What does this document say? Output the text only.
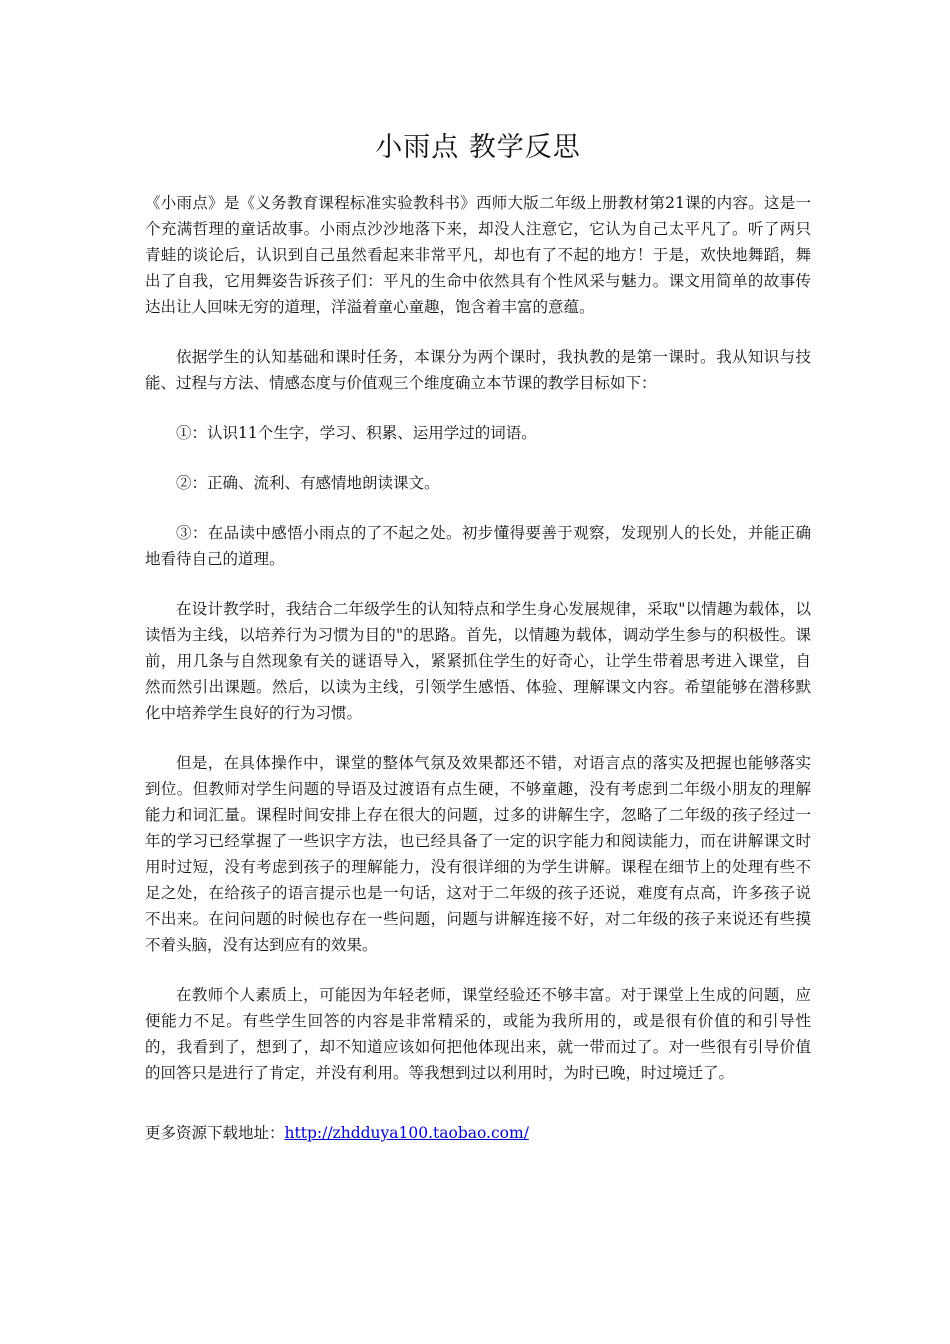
小雨点 教学反思

《小雨点》是《义务教育课程标准实验教科书》西师大版二年级上册教材第21课的内容。这是一个充满哲理的童话故事。小雨点沙沙地落下来，却没人注意它，它认为自己太平凡了。听了两只青蛙的谈论后，认识到自己虽然看起来非常平凡，却也有了不起的地方！于是，欢快地舞蹈，舞出了自我，它用舞姿告诉孩子们：平凡的生命中依然具有个性风采与魅力。课文用简单的故事传达出让人回味无穷的道理，洋溢着童心童趣，饱含着丰富的意蕴。

依据学生的认知基础和课时任务，本课分为两个课时，我执教的是第一课时。我从知识与技能、过程与方法、情感态度与价值观三个维度确立本节课的教学目标如下：

①：认识11个生字，学习、积累、运用学过的词语。

②：正确、流利、有感情地朗读课文。

③：在品读中感悟小雨点的了不起之处。初步懂得要善于观察，发现别人的长处，并能正确地看待自己的道理。

在设计教学时，我结合二年级学生的认知特点和学生身心发展规律，采取"以情趣为载体，以读悟为主线，以培养行为习惯为目的"的思路。首先，以情趣为载体，调动学生参与的积极性。课前，用几条与自然现象有关的谜语导入，紧紧抓住学生的好奇心，让学生带着思考进入课堂，自然而然引出课题。然后，以读为主线，引领学生感悟、体验、理解课文内容。希望能够在潜移默化中培养学生良好的行为习惯。

但是，在具体操作中，课堂的整体气氛及效果都还不错，对语言点的落实及把握也能够落实到位。但教师对学生问题的导语及过渡语有点生硬，不够童趣，没有考虑到二年级小朋友的理解能力和词汇量。课程时间安排上存在很大的问题，过多的讲解生字，忽略了二年级的孩子经过一年的学习已经掌握了一些识字方法，也已经具备了一定的识字能力和阅读能力，而在讲解课文时用时过短，没有考虑到孩子的理解能力，没有很详细的为学生讲解。课程在细节上的处理有些不足之处，在给孩子的语言提示也是一句话，这对于二年级的孩子还说，难度有点高，许多孩子说不出来。在问问题的时候也存在一些问题，问题与讲解连接不好，对二年级的孩子来说还有些摸不着头脑，没有达到应有的效果。

在教师个人素质上，可能因为年轻老师，课堂经验还不够丰富。对于课堂上生成的问题，应便能力不足。有些学生回答的内容是非常精采的，或能为我所用的，或是很有价值的和引导性的，我看到了，想到了，却不知道应该如何把他体现出来，就一带而过了。对一些很有引导价值的回答只是进行了肯定，并没有利用。等我想到过以利用时，为时已晚，时过境迁了。

更多资源下载地址：http://zhdduya100.taobao.com/
